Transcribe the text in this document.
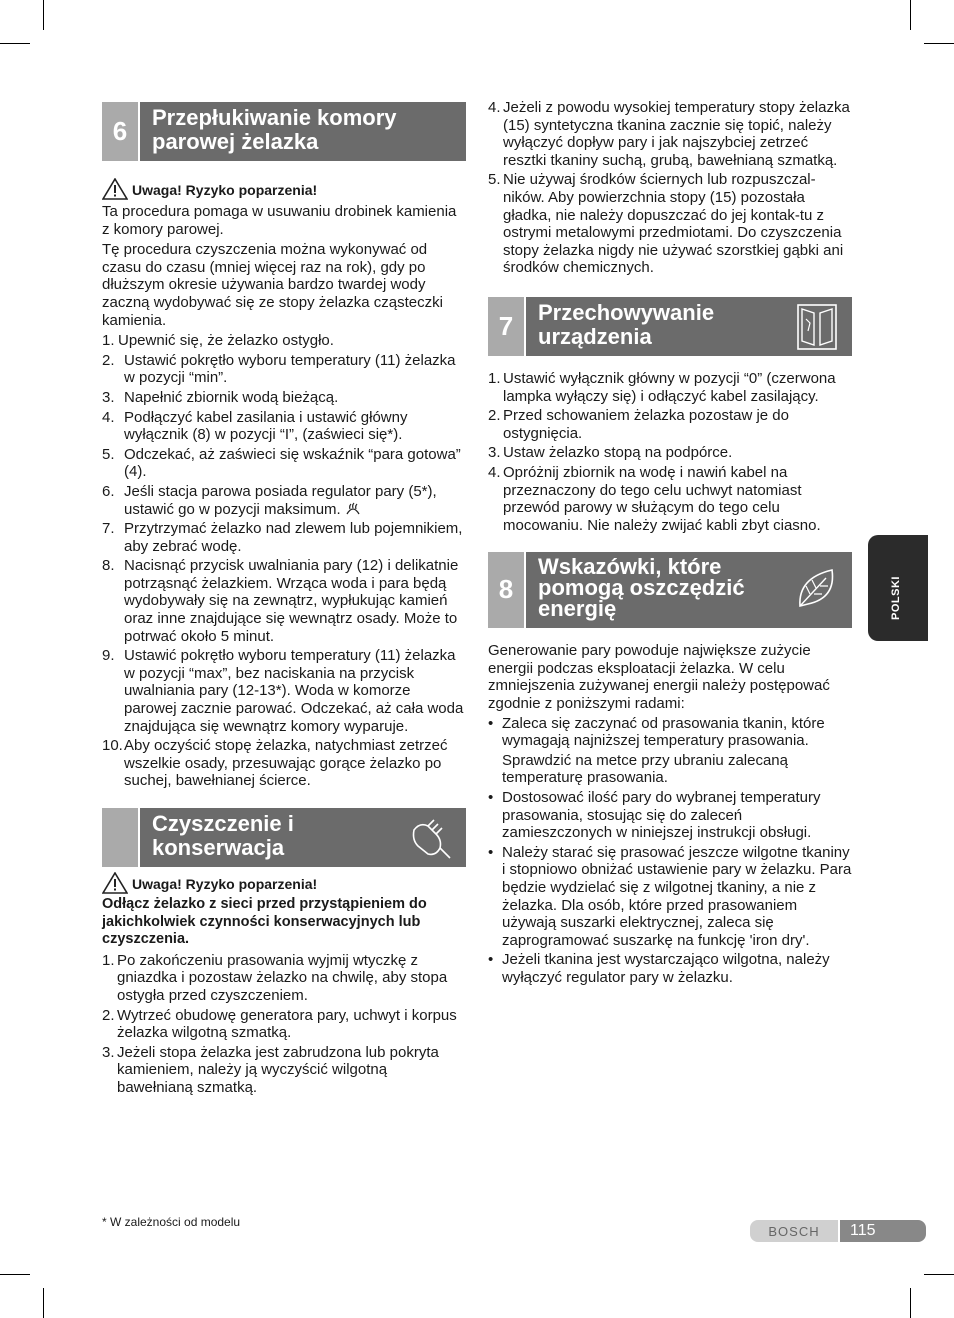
6	Przepłukiwanie komory
parowej żelazka
Uwaga! Ryzyko poparzenia!

Ta procedura pomaga w usuwaniu drobinek kamienia z komory parowej.

Tę procedura czyszczenia można wykonywać od czasu do czasu (mniej więcej raz na rok), gdy po dłuższym okresie używania bardzo twardej wody zaczną wydobywać się ze stopy żelazka cząsteczki kamienia.

1. Upewnić się, że żelazko ostygło.
2. Ustawić pokrętło wyboru temperatury (11) żelazka w pozycji “min”.
3. Napełnić zbiornik wodą bieżącą.
4. Podłączyć kabel zasilania i ustawić główny wyłącznik (8) w pozycji “I”, (zaświeci się*).
5. Odczekać, aż zaświeci się wskaźnik “para gotowa” (4).
6. Jeśli stacja parowa posiada regulator pary (5*), ustawić go w pozycji maksimum.
7. Przytrzymać żelazko nad zlewem lub pojemnikiem, aby zebrać wodę.
8. Nacisnąć przycisk uwalniania pary (12) i delikatnie potrząsnąć żelazkiem. Wrząca woda i para będą wydobywały się na zewnątrz, wypłukując kamień oraz inne znajdujące się wewnątrz osady. Może to potrwać około 5 minut.
9. Ustawić pokrętło wyboru temperatury (11) żelazka w pozycji “max”, bez naciskania na przycisk uwalniania pary (12-13*). Woda w komorze parowej zacznie parować. Odczekać, aż cała woda znajdująca się wewnątrz komory wyparuje.
10. Aby oczyścić stopę żelazka, natychmiast zetrzeć wszelkie osady, przesuwając gorące żelazko po suchej, bawełnianej ścierce.
Czyszczenie i
konserwacja
Uwaga! Ryzyko poparzenia!

Odłącz żelazko z sieci przed przystąpieniem do jakichkolwiek czynności konserwacyjnych lub czyszczenia.

1. Po zakończeniu prasowania wyjmij wtyczkę z gniazdka i pozostaw żelazko na chwilę, aby stopa ostygła przed czyszczeniem.
2. Wytrzeć obudowę generatora pary, uchwyt i korpus żelazka wilgotną szmatką.
3. Jeżeli stopa żelazka jest zabrudzona lub pokryta kamieniem, należy ją wyczyścić wilgotną bawełnianą szmatką.
4. Jeżeli z powodu wysokiej temperatury stopy żelazka (15) syntetyczna tkanina zacznie się topić, należy wyłączyć dopływ pary i jak najszybciej zetrzeć resztki tkaniny suchą, grubą, bawełnianą szmatką.
5. Nie używaj środków ściernych lub rozpuszczal-ników. Aby powierzchnia stopy (15) pozostała gładka, nie należy dopuszczać do jej kontak-tu z ostrymi metalowymi przedmiotami. Do czyszczenia stopy żelazka nigdy nie używać szorstkiej gąbki ani środków chemicznych.
7	Przechowywanie
urządzenia
1. Ustawić wyłącznik główny w pozycji “0” (czerwona lampka wyłączy się) i odłączyć kabel zasilający.
2. Przed schowaniem żelazka pozostaw je do ostygnięcia.
3. Ustaw żelazko stopą na podpórce.
4. Opróżnij zbiornik na wodę i nawiń kabel na przeznaczony do tego celu uchwyt natomiast przewód parowy w służącym do tego celu mocowaniu. Nie należy zwijać kabli zbyt ciasno.
8
Wskazówki, które
pomogą oszczędzić
energię

Generowanie pary powoduje największe zużycie energii podczas eksploatacji żelazka. W celu zmniejszenia zużywanej energii należy postępować zgodnie z poniższymi radami:

• Zaleca się zaczynać od prasowania tkanin, które wymagają najniższej temperatury prasowania.
Sprawdzić na metce przy ubraniu zalecaną temperaturę prasowania.
• Dostosować ilość pary do wybranej temperatury prasowania, stosując się do zaleceń zamieszczonych w niniejszej instrukcji obsługi.
• Należy starać się prasować jeszcze wilgotne tkaniny i stopniowo obniżać ustawienie pary w żelazku. Para będzie wydzielać się z wilgotnej tkaniny, a nie z żelazka. Dla osób, które przed prasowaniem używają suszarki elektrycznej, zaleca się zaprogramować suszarkę na funkcję 'iron dry'.
• Jeżeli tkanina jest wystarczająco wilgotna, należy wyłączyć regulator pary w żelazku.
POLSKI
* W zależności od modelu
BOSCH	115
